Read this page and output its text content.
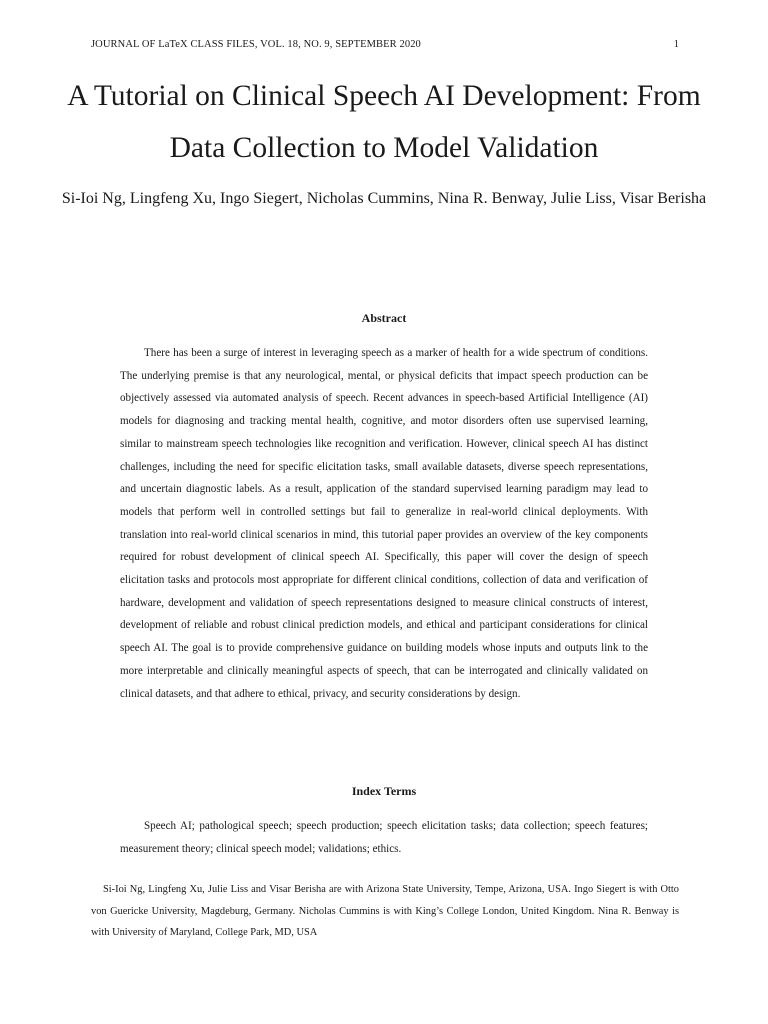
JOURNAL OF LaTeX CLASS FILES, VOL. 18, NO. 9, SEPTEMBER 2020	1
A Tutorial on Clinical Speech AI Development: From Data Collection to Model Validation
Si-Ioi Ng, Lingfeng Xu, Ingo Siegert, Nicholas Cummins, Nina R. Benway, Julie Liss, Visar Berisha
Abstract

There has been a surge of interest in leveraging speech as a marker of health for a wide spectrum of conditions. The underlying premise is that any neurological, mental, or physical deficits that impact speech production can be objectively assessed via automated analysis of speech. Recent advances in speech-based Artificial Intelligence (AI) models for diagnosing and tracking mental health, cognitive, and motor disorders often use supervised learning, similar to mainstream speech technologies like recognition and verification. However, clinical speech AI has distinct challenges, including the need for specific elicitation tasks, small available datasets, diverse speech representations, and uncertain diagnostic labels. As a result, application of the standard supervised learning paradigm may lead to models that perform well in controlled settings but fail to generalize in real-world clinical deployments. With translation into real-world clinical scenarios in mind, this tutorial paper provides an overview of the key components required for robust development of clinical speech AI. Specifically, this paper will cover the design of speech elicitation tasks and protocols most appropriate for different clinical conditions, collection of data and verification of hardware, development and validation of speech representations designed to measure clinical constructs of interest, development of reliable and robust clinical prediction models, and ethical and participant considerations for clinical speech AI. The goal is to provide comprehensive guidance on building models whose inputs and outputs link to the more interpretable and clinically meaningful aspects of speech, that can be interrogated and clinically validated on clinical datasets, and that adhere to ethical, privacy, and security considerations by design.

Index Terms

Speech AI; pathological speech; speech production; speech elicitation tasks; data collection; speech features; measurement theory; clinical speech model; validations; ethics.

Si-Ioi Ng, Lingfeng Xu, Julie Liss and Visar Berisha are with Arizona State University, Tempe, Arizona, USA. Ingo Siegert is with Otto von Guericke University, Magdeburg, Germany. Nicholas Cummins is with King’s College London, United Kingdom. Nina R. Benway is with University of Maryland, College Park, MD, USA
